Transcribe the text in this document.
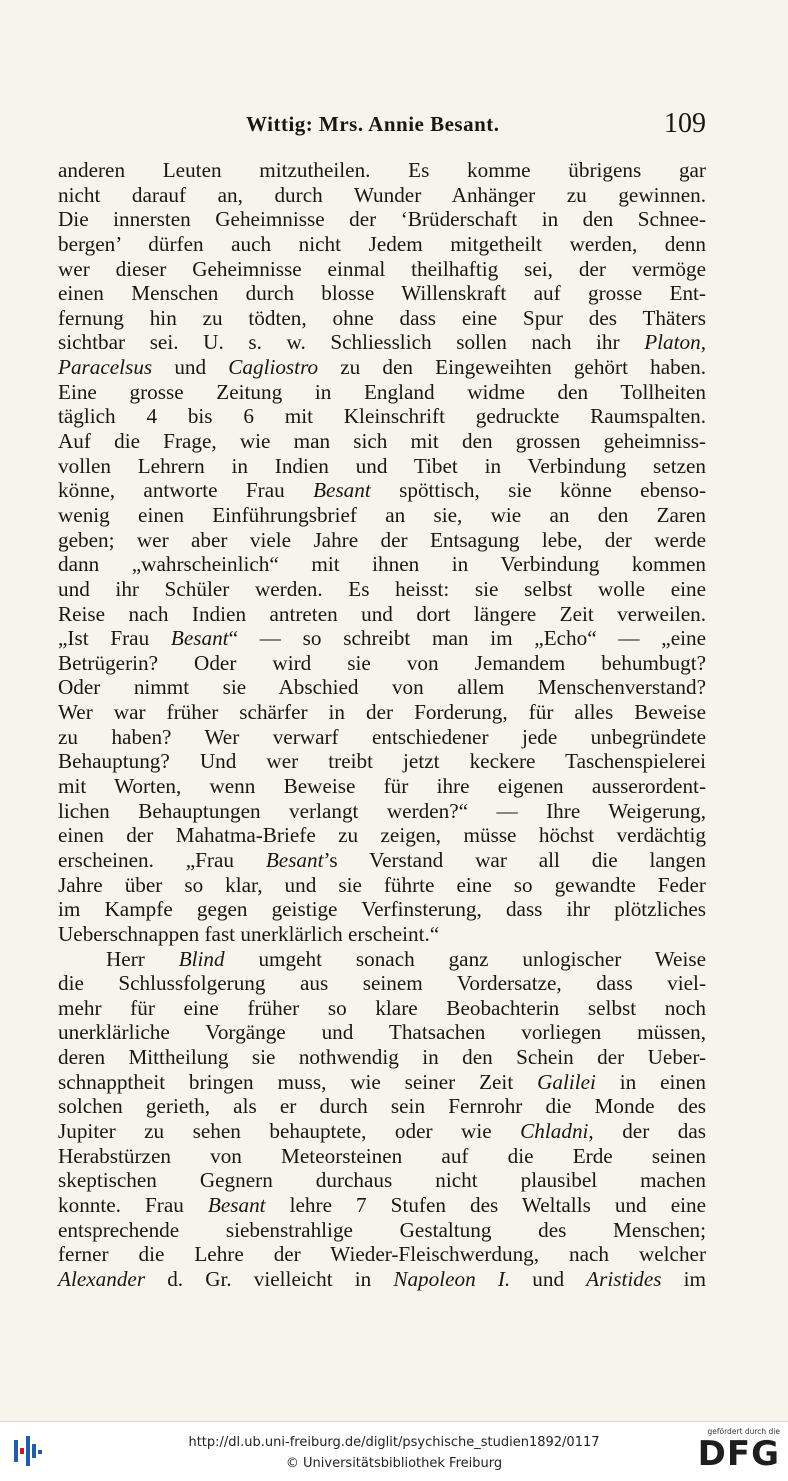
Wittig: Mrs. Annie Besant.	109
anderen Leuten mitzutheilen. Es komme übrigens gar
nicht darauf an, durch Wunder Anhänger zu gewinnen.
Die innersten Geheimnisse der ‘Brüderschaft in den Schnee-
bergen’ dürfen auch nicht Jedem mitgetheilt werden, denn
wer dieser Geheimnisse einmal theilhaftig sei, der vermöge
einen Menschen durch blosse Willenskraft auf grosse Ent-
fernung hin zu tödten, ohne dass eine Spur des Thäters
sichtbar sei. U. s. w. Schliesslich sollen nach ihr Platon,
Paracelsus und Cagliostro zu den Eingeweihten gehört haben.
Eine grosse Zeitung in England widme den Tollheiten
täglich 4 bis 6 mit Kleinschrift gedruckte Raumspalten.
Auf die Frage, wie man sich mit den grossen geheimniss-
vollen Lehrern in Indien und Tibet in Verbindung setzen
könne, antworte Frau Besant spöttisch, sie könne ebenso-
wenig einen Einführungsbrief an sie, wie an den Zaren
geben; wer aber viele Jahre der Entsagung lebe, der werde
dann „wahrscheinlich“ mit ihnen in Verbindung kommen
und ihr Schüler werden. Es heisst: sie selbst wolle eine
Reise nach Indien antreten und dort längere Zeit verweilen.
„Ist Frau Besant“ — so schreibt man im „Echo“ — „eine
Betrügerin? Oder wird sie von Jemandem behumbugt?
Oder nimmt sie Abschied von allem Menschenverstand?
Wer war früher schärfer in der Forderung, für alles Beweise
zu haben? Wer verwarf entschiedener jede unbegründete
Behauptung? Und wer treibt jetzt keckere Taschenspielerei
mit Worten, wenn Beweise für ihre eigenen ausserordent-
lichen Behauptungen verlangt werden?“ — Ihre Weigerung,
einen der Mahatma-Briefe zu zeigen, müsse höchst verdächtig
erscheinen. „Frau Besant’s Verstand war all die langen
Jahre über so klar, und sie führte eine so gewandte Feder
im Kampfe gegen geistige Verfinsterung, dass ihr plötzliches
Ueberschnappen fast unerklärlich erscheint.“
Herr Blind umgeht sonach ganz unlogischer Weise
die Schlussfolgerung aus seinem Vordersatze, dass viel-
mehr für eine früher so klare Beobachterin selbst noch
unerklärliche Vorgänge und Thatsachen vorliegen müssen,
deren Mittheilung sie nothwendig in den Schein der Ueber-
schnapptheit bringen muss, wie seiner Zeit Galilei in einen
solchen gerieth, als er durch sein Fernrohr die Monde des
Jupiter zu sehen behauptete, oder wie Chladni, der das
Herabstürzen von Meteorsteinen auf die Erde seinen
skeptischen Gegnern durchaus nicht plausibel machen
konnte. Frau Besant lehre 7 Stufen des Weltalls und eine
entsprechende siebenstrahlige Gestaltung des Menschen;
ferner die Lehre der Wieder-Fleischwerdung, nach welcher
Alexander d. Gr. vielleicht in Napoleon I. und Aristides im
http://dl.ub.uni-freiburg.de/diglit/psychische_studien1892/0117
© Universitätsbibliothek Freiburg
gefördert durch die
DFG
